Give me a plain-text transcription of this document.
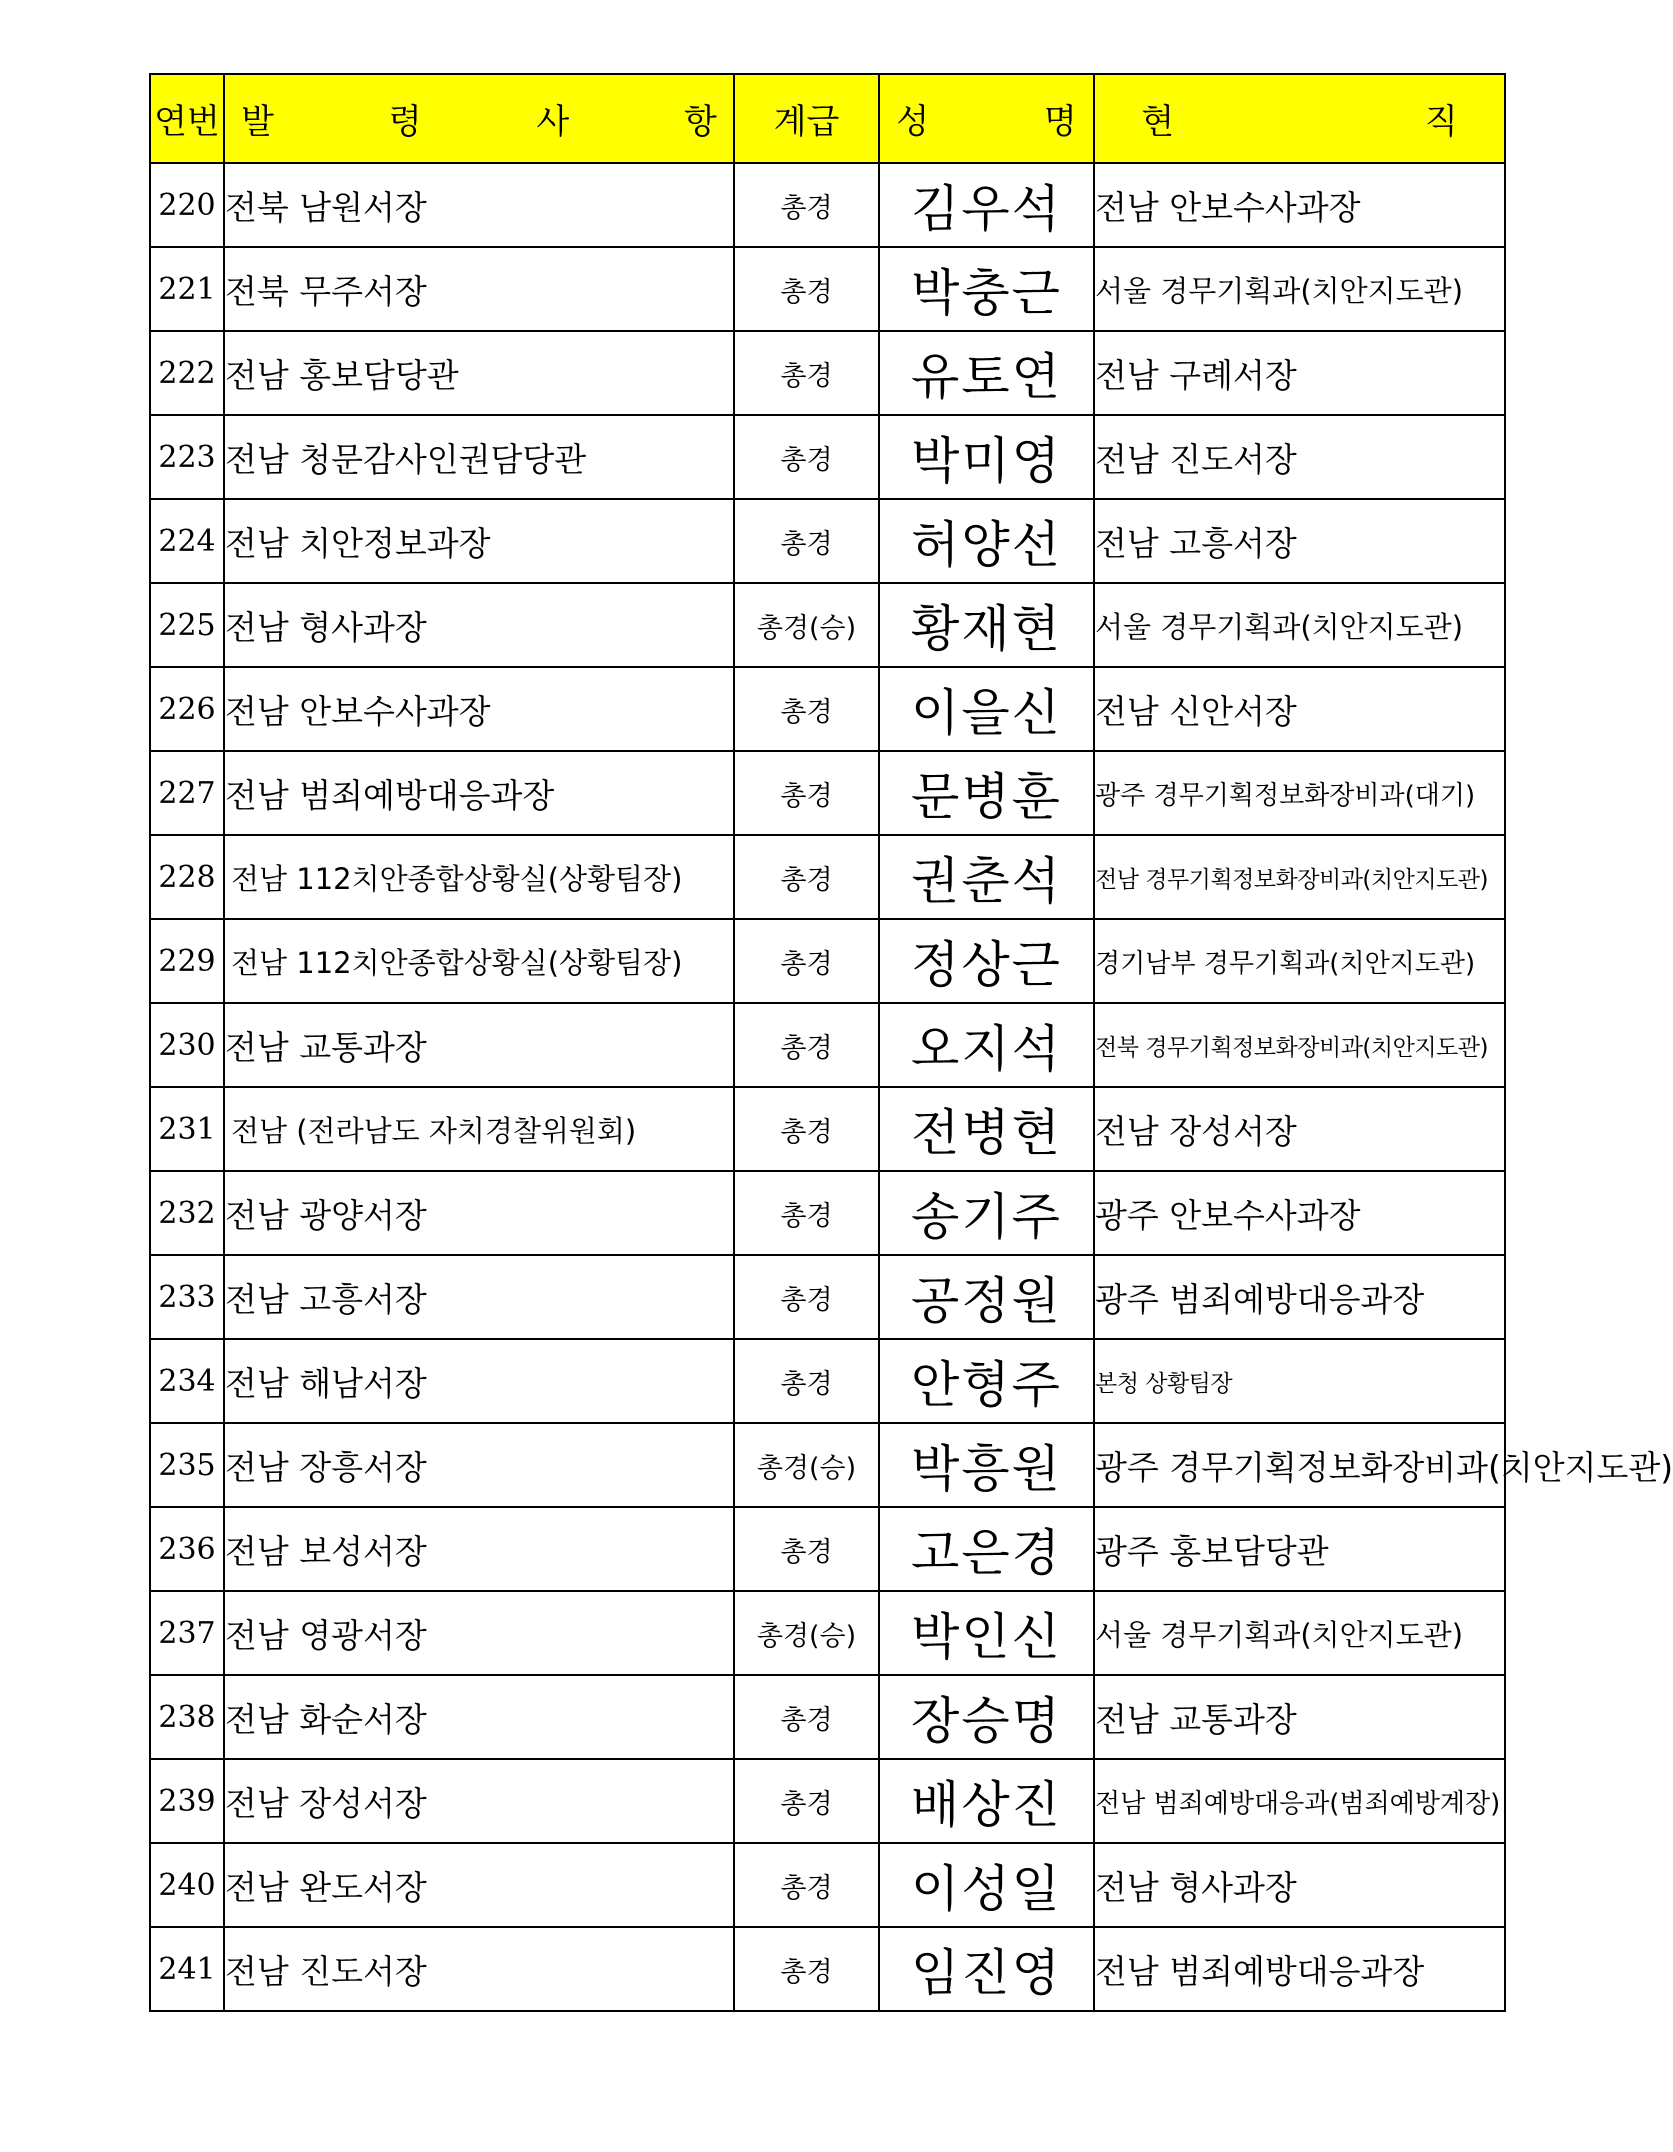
연번	발 령 사 항	계급	성 명	현 직
220	전북 남원서장	총경	김우석	전남 안보수사과장
221	전북 무주서장	총경	박충근	서울 경무기획과(치안지도관)
222	전남 홍보담당관	총경	유토연	전남 구례서장
223	전남 청문감사인권담당관	총경	박미영	전남 진도서장
224	전남 치안정보과장	총경	허양선	전남 고흥서장
225	전남 형사과장	총경(승)	황재현	서울 경무기획과(치안지도관)
226	전남 안보수사과장	총경	이을신	전남 신안서장
227	전남 범죄예방대응과장	총경	문병훈	광주 경무기획정보화장비과(대기)
228	전남 112치안종합상황실(상황팀장)	총경	권춘석	전남 경무기획정보화장비과(치안지도관)
229	전남 112치안종합상황실(상황팀장)	총경	정상근	경기남부 경무기획과(치안지도관)
230	전남 교통과장	총경	오지석	전북 경무기획정보화장비과(치안지도관)
231	전남 (전라남도 자치경찰위원회)	총경	전병현	전남 장성서장
232	전남 광양서장	총경	송기주	광주 안보수사과장
233	전남 고흥서장	총경	공정원	광주 범죄예방대응과장
234	전남 해남서장	총경	안형주	본청 상황팀장
235	전남 장흥서장	총경(승)	박흥원	광주 경무기획정보화장비과(치안지도관)
236	전남 보성서장	총경	고은경	광주 홍보담당관
237	전남 영광서장	총경(승)	박인신	서울 경무기획과(치안지도관)
238	전남 화순서장	총경	장승명	전남 교통과장
239	전남 장성서장	총경	배상진	전남 범죄예방대응과(범죄예방계장)
240	전남 완도서장	총경	이성일	전남 형사과장
241	전남 진도서장	총경	임진영	전남 범죄예방대응과장
